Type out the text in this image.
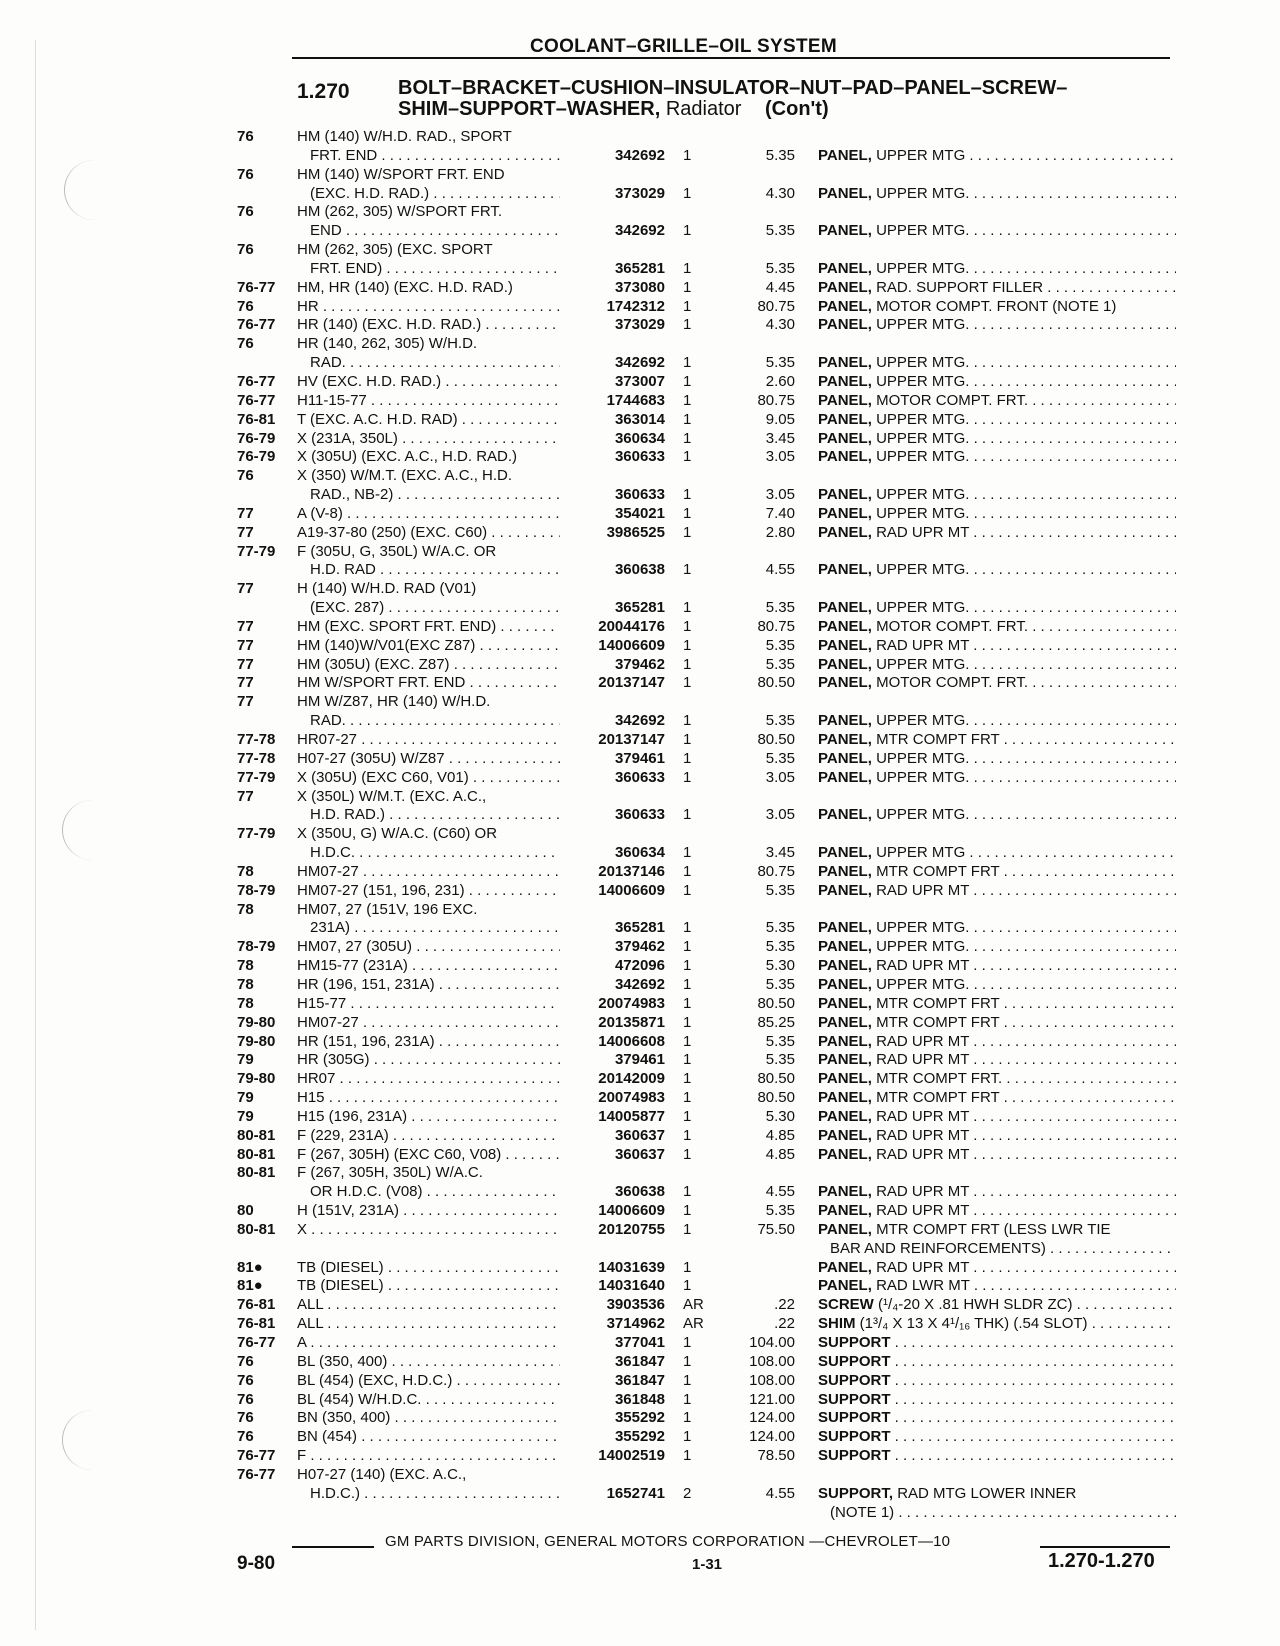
COOLANT–GRILLE–OIL SYSTEM
1.270 BOLT–BRACKET–CUSHION–INSULATOR–NUT–PAD–PANEL–SCREW–
SHIM–SUPPORT–WASHER, Radiator (Con't)
76	HM (140) W/H.D. RAD., SPORT
FRT. END . . .	342692 1	5.35 PANEL, UPPER MTG . . .
76	HM (140) W/SPORT FRT. END
(EXC. H.D. RAD.) . . .	373029 1	4.30 PANEL, UPPER MTG. . . .
76	HM (262, 305) W/SPORT FRT.
END . . .	342692 1	5.35 PANEL, UPPER MTG. . . .
76	HM (262, 305) (EXC. SPORT
FRT. END) . . .	365281 1	5.35 PANEL, UPPER MTG. . . .
76-77 HM, HR (140) (EXC. H.D. RAD.)	373080 1	4.45 PANEL, RAD. SUPPORT FILLER . . .
76	HR . . .	1742312 1	80.75 PANEL, MOTOR COMPT. FRONT (NOTE 1)
76-77 HR (140) (EXC. H.D. RAD.) . . .	373029 1	4.30 PANEL, UPPER MTG. . . .
76	HR (140, 262, 305) W/H.D.
RAD. . . .	342692 1	5.35 PANEL, UPPER MTG. . . .
76-77 HV (EXC. H.D. RAD.) . . .	373007 1	2.60 PANEL, UPPER MTG. . . .
76-77 H11-15-77 . . .	1744683 1	80.75 PANEL, MOTOR COMPT. FRT. . . .
76-81 T (EXC. A.C. H.D. RAD) . . .	363014 1	9.05 PANEL, UPPER MTG. . . .
76-79 X (231A, 350L) . . .	360634 1	3.45 PANEL, UPPER MTG. . . .
76-79 X (305U) (EXC. A.C., H.D. RAD.)	360633 1	3.05 PANEL, UPPER MTG. . . .
76	X (350) W/M.T. (EXC. A.C., H.D.
RAD., NB-2) . . .	360633 1	3.05 PANEL, UPPER MTG. . . .
77	A (V-8) . . .	354021 1	7.40 PANEL, UPPER MTG. . . .
77	A19-37-80 (250) (EXC. C60) . . .	3986525 1	2.80 PANEL, RAD UPR MT . . .
77-79 F (305U, G, 350L) W/A.C. OR
H.D. RAD . . .	360638 1	4.55 PANEL, UPPER MTG. . . .
77	H (140) W/H.D. RAD (V01)
(EXC. 287) . . .	365281 1	5.35 PANEL, UPPER MTG. . . .
77	HM (EXC. SPORT FRT. END) . . .	20044176 1	80.75 PANEL, MOTOR COMPT. FRT. . . .
77	HM (140)W/V01(EXC Z87) . . .	14006609 1	5.35 PANEL, RAD UPR MT . . .
77	HM (305U) (EXC. Z87) . . .	379462 1	5.35 PANEL, UPPER MTG. . . .
77	HM W/SPORT FRT. END . . .	20137147 1	80.50 PANEL, MOTOR COMPT. FRT. . . .
77	HM W/Z87, HR (140) W/H.D.
RAD. . . .	342692 1	5.35 PANEL, UPPER MTG. . . .
77-78 HR07-27 . . .	20137147 1	80.50 PANEL, MTR COMPT FRT . . .
77-78 H07-27 (305U) W/Z87 . . .	379461 1	5.35 PANEL, UPPER MTG. . . .
77-79 X (305U) (EXC C60, V01) . . .	360633 1	3.05 PANEL, UPPER MTG. . . .
77	X (350L) W/M.T. (EXC. A.C.,
H.D. RAD.) . . .	360633 1	3.05 PANEL, UPPER MTG. . . .
77-79 X (350U, G) W/A.C. (C60) OR
H.D.C. . . .	360634 1	3.45 PANEL, UPPER MTG . . .
78	HM07-27 . . .	20137146 1	80.75 PANEL, MTR COMPT FRT . . .
78-79 HM07-27 (151, 196, 231) . . .	14006609 1	5.35 PANEL, RAD UPR MT . . .
78	HM07, 27 (151V, 196 EXC.
231A) . . .	365281 1	5.35 PANEL, UPPER MTG. . . .
78-79 HM07, 27 (305U) . . .	379462 1	5.35 PANEL, UPPER MTG. . . .
78	HM15-77 (231A) . . .	472096 1	5.30 PANEL, RAD UPR MT . . .
78	HR (196, 151, 231A) . . .	342692 1	5.35 PANEL, UPPER MTG. . . .
78	H15-77 . . .	20074983 1	80.50 PANEL, MTR COMPT FRT . . .
79-80 HM07-27 . . .	20135871 1	85.25 PANEL, MTR COMPT FRT . . .
79-80 HR (151, 196, 231A) . . .	14006608 1	5.35 PANEL, RAD UPR MT . . .
79	HR (305G) . . .	379461 1	5.35 PANEL, RAD UPR MT . . .
79-80 HR07 . . .	20142009 1	80.50 PANEL, MTR COMPT FRT. . . .
79	H15 . . .	20074983 1	80.50 PANEL, MTR COMPT FRT . . .
79	H15 (196, 231A) . . .	14005877 1	5.30 PANEL, RAD UPR MT . . .
80-81 F (229, 231A) . . .	360637 1	4.85 PANEL, RAD UPR MT . . .
80-81 F (267, 305H) (EXC C60, V08) . . .	360637 1	4.85 PANEL, RAD UPR MT . . .
80-81 F (267, 305H, 350L) W/A.C.
OR H.D.C. (V08) . . .	360638 1	4.55 PANEL, RAD UPR MT . . .
80	H (151V, 231A) . . .	14006609 1	5.35 PANEL, RAD UPR MT . . .
80-81 X . . .	20120755 1	75.50 PANEL, MTR COMPT FRT (LESS LWR TIE
BAR AND REINFORCEMENTS) . . .
81● TB (DIESEL) . . .	14031639 1	PANEL, RAD UPR MT . . .
81● TB (DIESEL) . . .	14031640 1	PANEL, RAD LWR MT . . .
76-81 ALL . . .	3903536 AR	.22 SCREW (¹/₄-20 X .81 HWH SLDR ZC) . . .
76-81 ALL . . .	3714962 AR	.22 SHIM (1³/₄ X 13 X 4¹/₁₆ THK) (.54 SLOT) . . .
76-77 A . . .	377041 1	104.00 SUPPORT . . .
76	BL (350, 400) . . .	361847 1	108.00 SUPPORT . . .
76	BL (454) (EXC, H.D.C.) . . .	361847 1	108.00 SUPPORT . . .
76	BL (454) W/H.D.C. . . .	361848 1	121.00 SUPPORT . . .
76	BN (350, 400) . . .	355292 1	124.00 SUPPORT . . .
76	BN (454) . . .	355292 1	124.00 SUPPORT . . .
76-77 F . . .	14002519 1	78.50 SUPPORT . . .
76-77 H07-27 (140) (EXC. A.C.,
H.D.C.) . . .	1652741 2	4.55 SUPPORT, RAD MTG LOWER INNER
(NOTE 1) . . .
GM PARTS DIVISION, GENERAL MOTORS CORPORATION —CHEVROLET—10
9-80	1-31	1.270-1.270
